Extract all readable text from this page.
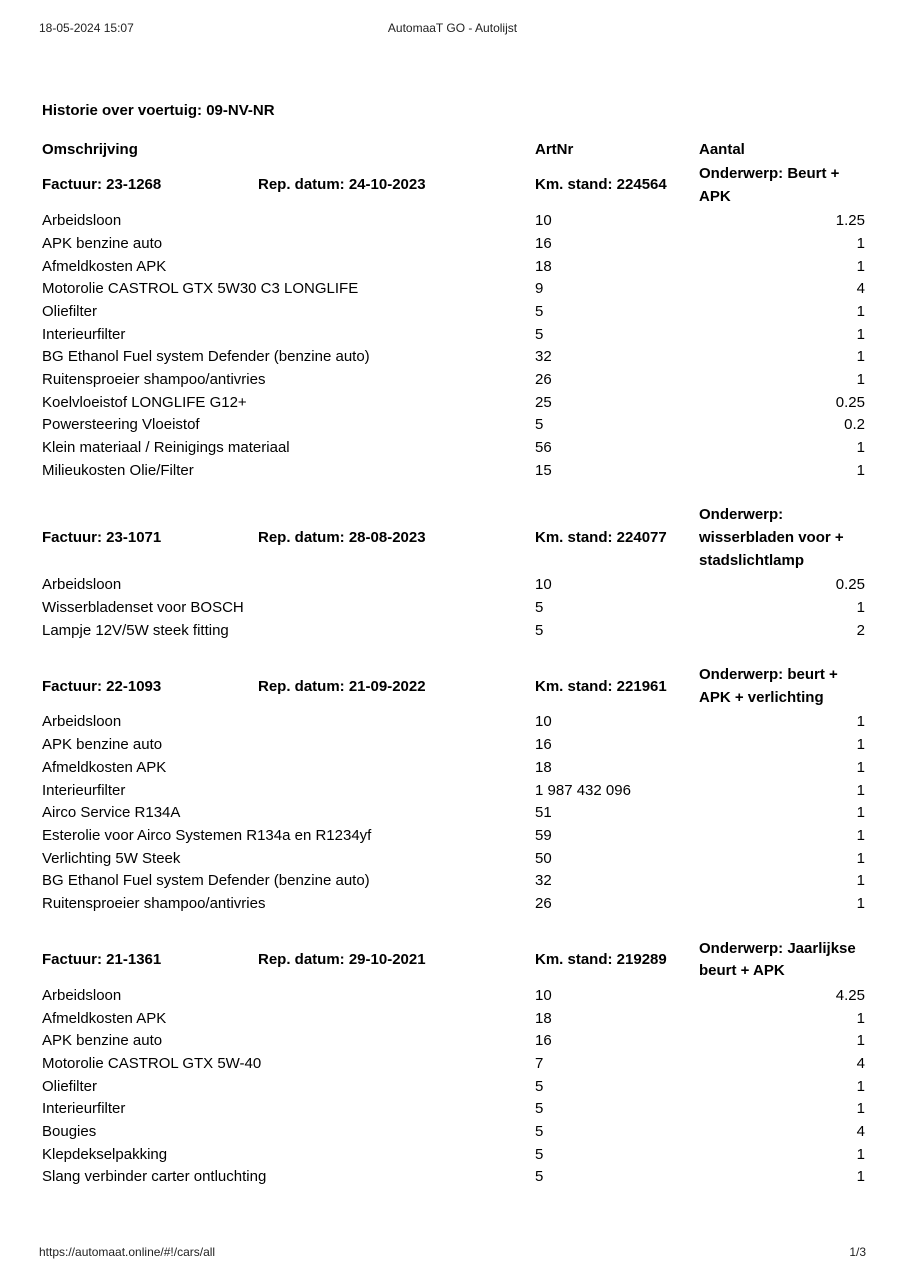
18-05-2024 15:07	AutomaaT GO - Autolijst
Historie over voertuig: 09-NV-NR
Omschrijving	ArtNr	Aantal
Factuur: 23-1268	Rep. datum: 24-10-2023	Km. stand: 224564
Onderwerp: Beurt + APK
Arbeidsloon	10	1.25
APK benzine auto	16	1
Afmeldkosten APK	18	1
Motorolie CASTROL GTX 5W30 C3 LONGLIFE	9	4
Oliefilter	5	1
Interieurfilter	5	1
BG Ethanol Fuel system Defender (benzine auto)	32	1
Ruitensproeier shampoo/antivries	26	1
Koelvloeistof LONGLIFE G12+	25	0.25
Powersteering Vloeistof	5	0.2
Klein materiaal / Reinigings materiaal	56	1
Milieukosten Olie/Filter	15	1
Factuur: 23-1071	Rep. datum: 28-08-2023	Km. stand: 224077
Onderwerp: wisserbladen voor + stadslichtlamp
Arbeidsloon	10	0.25
Wisserbladenset voor BOSCH	5	1
Lampje 12V/5W steek fitting	5	2
Factuur: 22-1093	Rep. datum: 21-09-2022	Km. stand: 221961
Onderwerp: beurt + APK + verlichting
Arbeidsloon	10	1
APK benzine auto	16	1
Afmeldkosten APK	18	1
Interieurfilter	1 987 432 096	1
Airco Service R134A	51	1
Esterolie voor Airco Systemen R134a en R1234yf	59	1
Verlichting 5W Steek	50	1
BG Ethanol Fuel system Defender (benzine auto)	32	1
Ruitensproeier shampoo/antivries	26	1
Factuur: 21-1361	Rep. datum: 29-10-2021	Km. stand: 219289
Onderwerp: Jaarlijkse beurt + APK
Arbeidsloon	10	4.25
Afmeldkosten APK	18	1
APK benzine auto	16	1
Motorolie CASTROL GTX 5W-40	7	4
Oliefilter	5	1
Interieurfilter	5	1
Bougies	5	4
Klepdekselpakking	5	1
Slang verbinder carter ontluchting	5	1
https://automaat.online/#!/cars/all	1/3
